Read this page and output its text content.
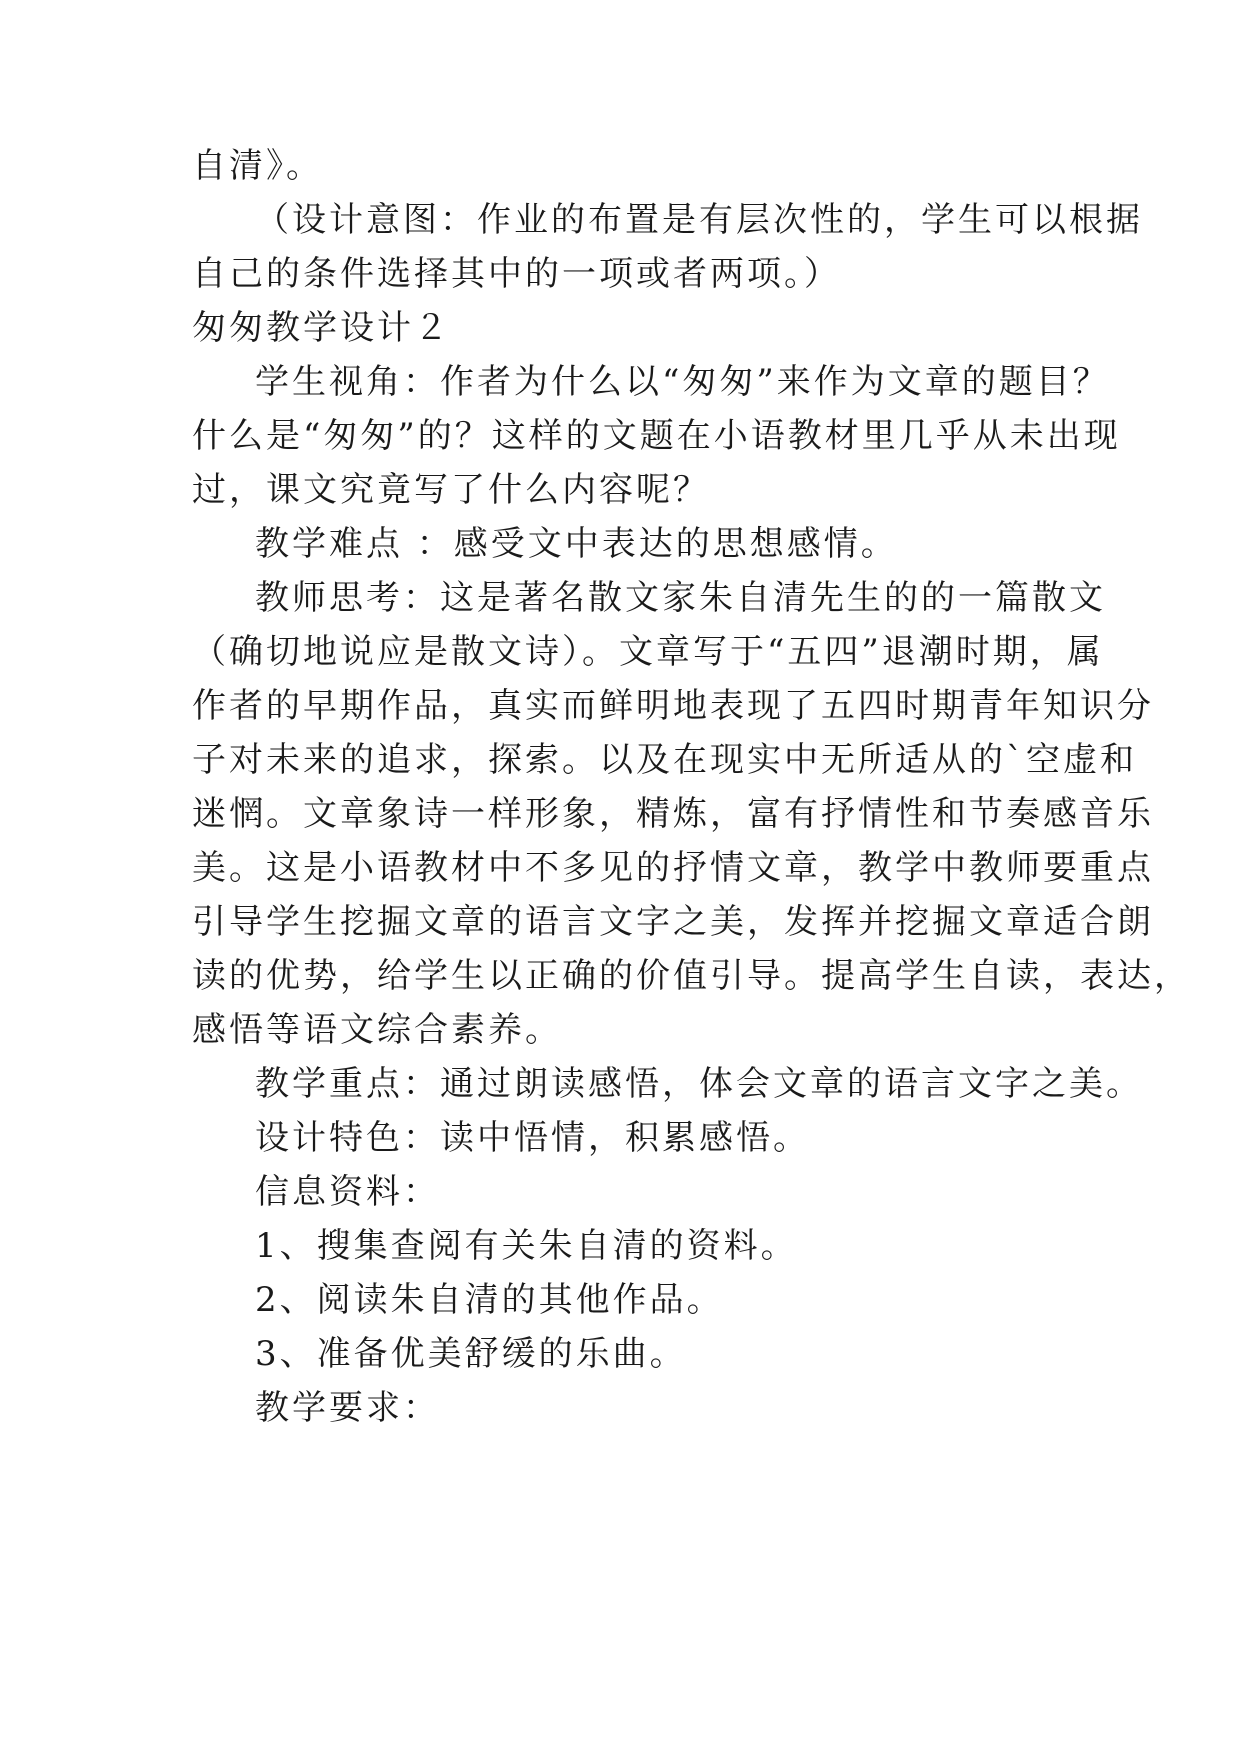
自清》。
（设计意图：作业的布置是有层次性的，学生可以根据
自己的条件选择其中的一项或者两项。）
匆匆教学设计２
学生视角：作者为什么以“匆匆”来作为文章的题目？
什么是“匆匆”的？这样的文题在小语教材里几乎从未出现
过，课文究竟写了什么内容呢？
教学难点 ：感受文中表达的思想感情。
教师思考：这是著名散文家朱自清先生的的一篇散文
（确切地说应是散文诗）。文章写于“五四”退潮时期，属
作者的早期作品，真实而鲜明地表现了五四时期青年知识分
子对未来的追求，探索。以及在现实中无所适从的`空虚和
迷惘。文章象诗一样形象，精炼，富有抒情性和节奏感音乐
美。这是小语教材中不多见的抒情文章，教学中教师要重点
引导学生挖掘文章的语言文字之美，发挥并挖掘文章适合朗
读的优势，给学生以正确的价值引导。提高学生自读，表达，
感悟等语文综合素养。
教学重点：通过朗读感悟，体会文章的语言文字之美。
设计特色：读中悟情，积累感悟。
信息资料：
1、搜集查阅有关朱自清的资料。
2、阅读朱自清的其他作品。
3、准备优美舒缓的乐曲。
教学要求：
